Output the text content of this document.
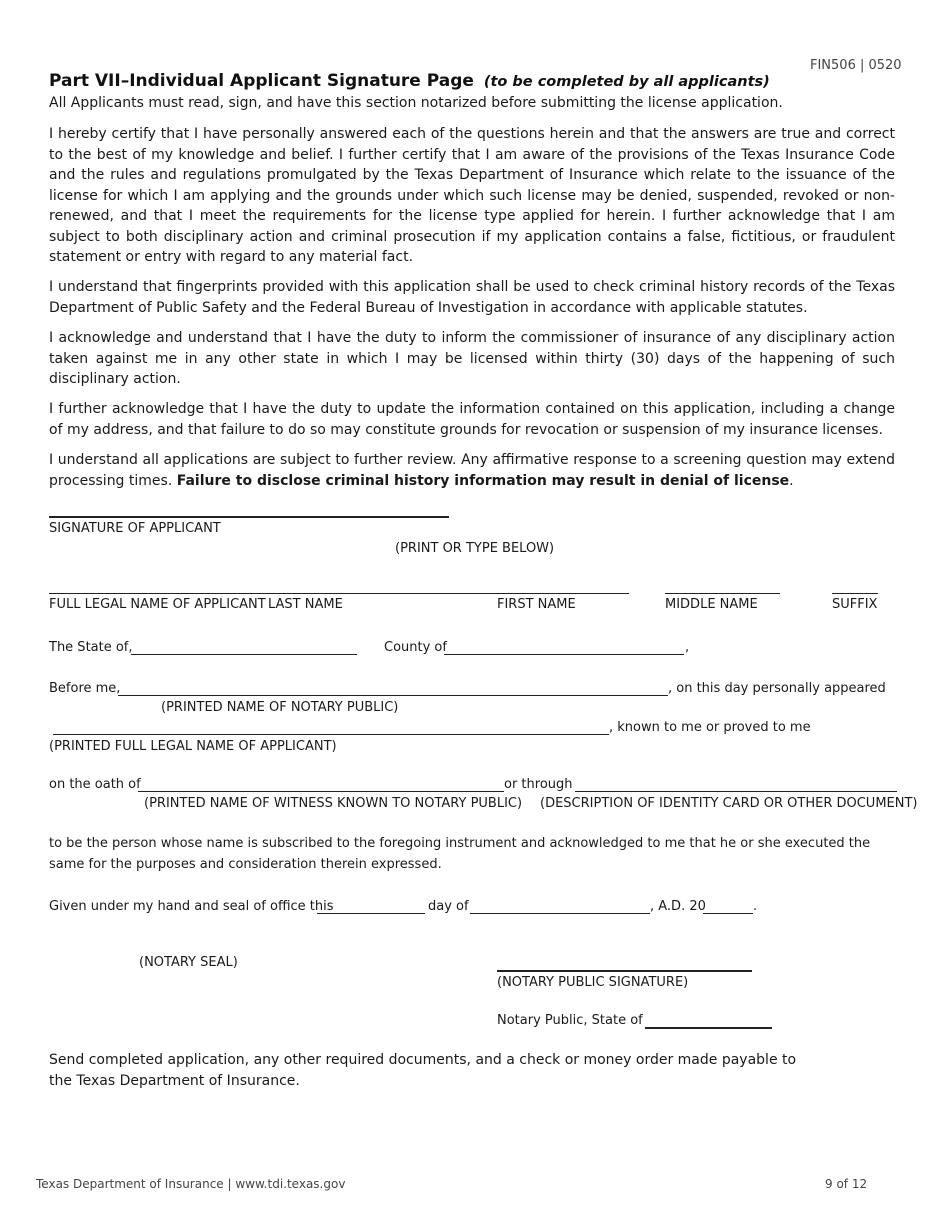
FIN506 | 0520
Part VII–Individual Applicant Signature Page (to be completed by all applicants)
All Applicants must read, sign, and have this section notarized before submitting the license application.
I hereby certify that I have personally answered each of the questions herein and that the answers are true and correct to the best of my knowledge and belief. I further certify that I am aware of the provisions of the Texas Insurance Code and the rules and regulations promulgated by the Texas Department of Insurance which relate to the issuance of the license for which I am applying and the grounds under which such license may be denied, suspended, revoked or non-renewed, and that I meet the requirements for the license type applied for herein. I further acknowledge that I am subject to both disciplinary action and criminal prosecution if my application contains a false, fictitious, or fraudulent statement or entry with regard to any material fact.
I understand that fingerprints provided with this application shall be used to check criminal history records of the Texas Department of Public Safety and the Federal Bureau of Investigation in accordance with applicable statutes.
I acknowledge and understand that I have the duty to inform the commissioner of insurance of any disciplinary action taken against me in any other state in which I may be licensed within thirty (30) days of the happening of such disciplinary action.
I further acknowledge that I have the duty to update the information contained on this application, including a change of my address, and that failure to do so may constitute grounds for revocation or suspension of my insurance licenses.
I understand all applications are subject to further review. Any affirmative response to a screening question may extend processing times. Failure to disclose criminal history information may result in denial of license.
SIGNATURE OF APPLICANT
(PRINT OR TYPE BELOW)
FULL LEGAL NAME OF APPLICANT LAST NAME	FIRST NAME	MIDDLE NAME	SUFFIX
The State of,	County of	,
Before me,	, on this day personally appeared
(PRINTED NAME OF NOTARY PUBLIC)
, known to me or proved to me
(PRINTED FULL LEGAL NAME OF APPLICANT)
on the oath of	or through
(PRINTED NAME OF WITNESS KNOWN TO NOTARY PUBLIC) (DESCRIPTION OF IDENTITY CARD OR OTHER DOCUMENT)
to be the person whose name is subscribed to the foregoing instrument and acknowledged to me that he or she executed the same for the purposes and consideration therein expressed.
Given under my hand and seal of office this	day of	, A.D. 20	.
(NOTARY SEAL)
(NOTARY PUBLIC SIGNATURE)
Notary Public, State of
Send completed application, any other required documents, and a check or money order made payable to the Texas Department of Insurance.
Texas Department of Insurance | www.tdi.texas.gov	9 of 12
